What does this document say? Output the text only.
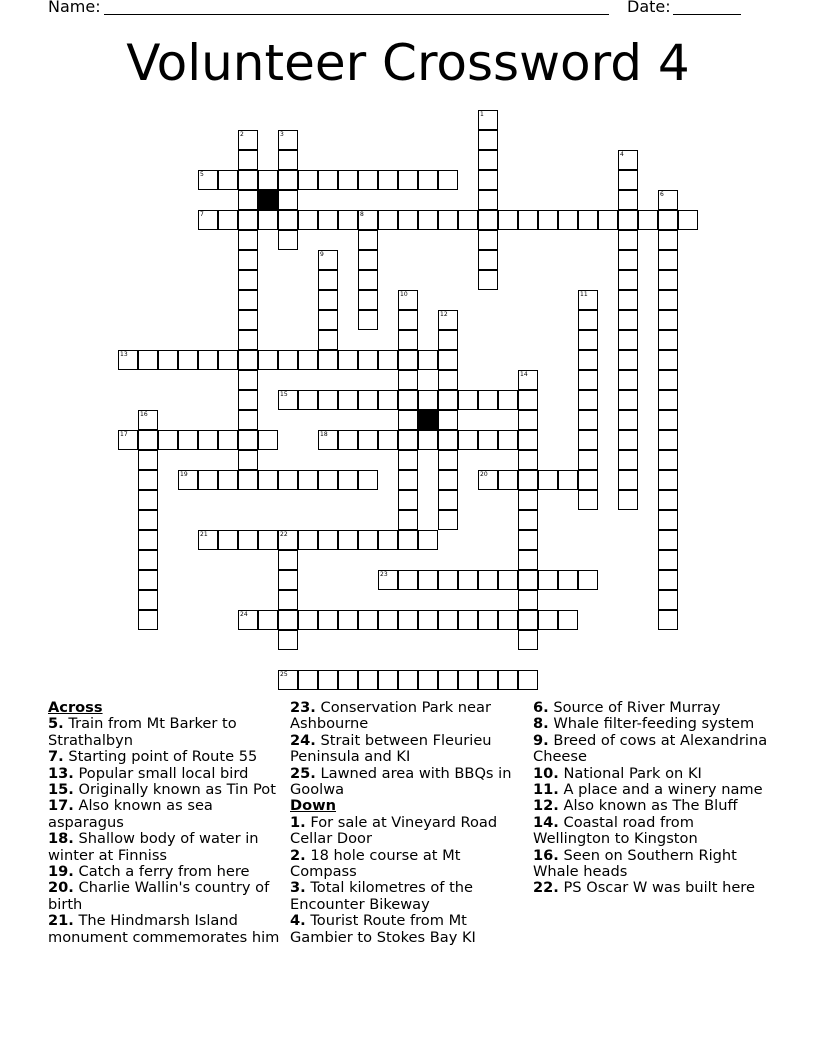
Name:	Date:
Volunteer Crossword 4
1
2	3
4
5
6
7	8
9
10	11
12
13
14
15
16
17	18
19	20
21	22
23
24
25
Across
5. Train from Mt Barker to Strathalbyn
7. Starting point of Route 55
13. Popular small local bird
15. Originally known as Tin Pot
17. Also known as sea asparagus
18. Shallow body of water in winter at Finniss
19. Catch a ferry from here
20. Charlie Wallin's country of birth
21. The Hindmarsh Island monument commemorates him
23. Conservation Park near Ashbourne
24. Strait between Fleurieu Peninsula and KI
25. Lawned area with BBQs in Goolwa
Down
1. For sale at Vineyard Road Cellar Door
2. 18 hole course at Mt Compass
3. Total kilometres of the Encounter Bikeway
4. Tourist Route from Mt Gambier to Stokes Bay KI
6. Source of River Murray
8. Whale filter-feeding system
9. Breed of cows at Alexandrina Cheese
10. National Park on KI
11. A place and a winery name
12. Also known as The Bluff
14. Coastal road from Wellington to Kingston
16. Seen on Southern Right Whale heads
22. PS Oscar W was built here
